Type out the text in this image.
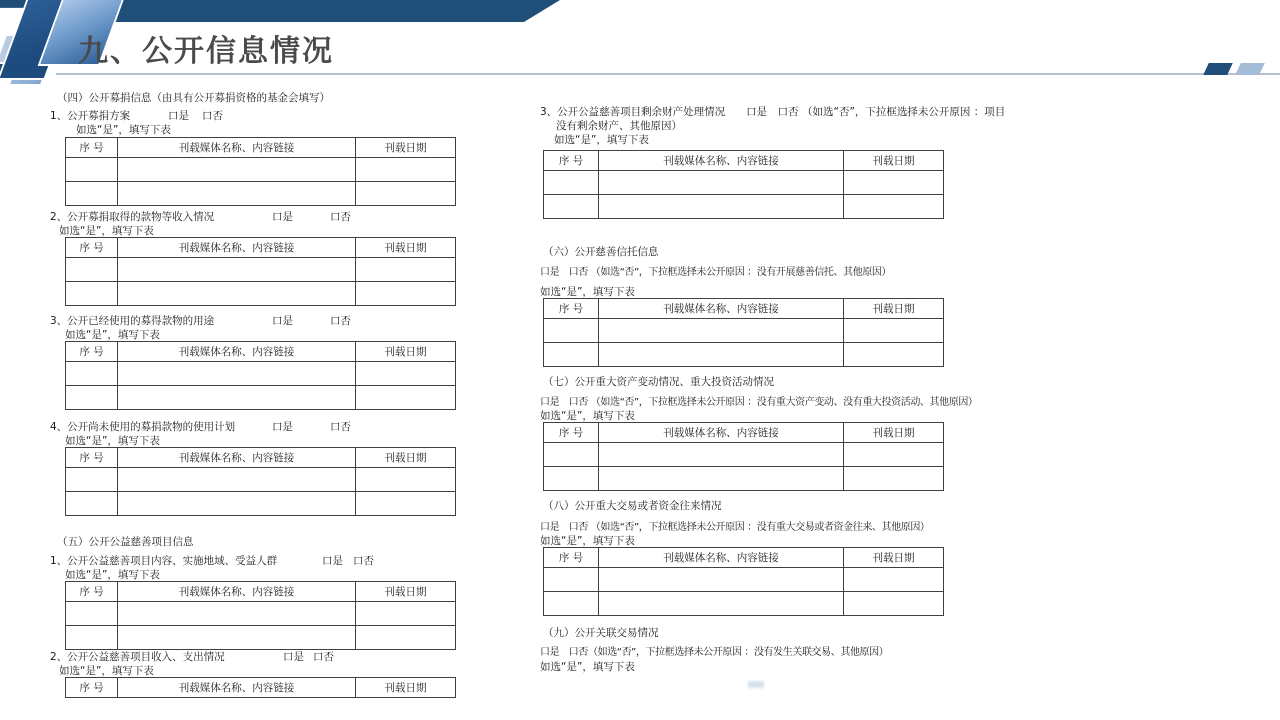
九、公开信息情况
（四）公开募捐信息（由具有公开募捐资格的基金会填写）
1、公开募捐方案	口是 口否
如选“是”，填写下表
序 号	刊载媒体名称、内容链接	刊载日期

2、公开募捐取得的款物等收入情况	口是	口否
如选“是”，填写下表
序 号	刊载媒体名称、内容链接	刊载日期

3、公开已经使用的募得款物的用途	口是	口否
如选“是”，填写下表
序 号	刊载媒体名称、内容链接	刊载日期

4、公开尚未使用的募捐款物的使用计划	口是	口否
如选“是”，填写下表
序 号	刊载媒体名称、内容链接	刊载日期

（五）公开公益慈善项目信息
1、公开公益慈善项目内容、实施地域、受益人群	口是 口否
如选“是”，填写下表
序 号	刊载媒体名称、内容链接	刊载日期

2、公开公益慈善项目收入、支出情况	口是 口否
如选“是”，填写下表
序 号	刊载媒体名称、内容链接	刊载日期
3、公开公益慈善项目剩余财产处理情况　　口是　口否 （如选“否”，下拉框选择未公开原因 ：项目
没有剩余财产、其他原因）
如选“是”，填写下表
序 号	刊载媒体名称、内容链接	刊载日期

（六）公开慈善信托信息
口是　口否 （如选“否”，下拉框选择未公开原因 ：没有开展慈善信托、其他原因）
如选“是”，填写下表
序 号	刊载媒体名称、内容链接	刊载日期

（七）公开重大资产变动情况、重大投资活动情况
口是　口否 （如选“否”，下拉框选择未公开原因 ：没有重大资产变动、没有重大投资活动、其他原因）
如选“是”，填写下表
序 号	刊载媒体名称、内容链接	刊载日期

（八）公开重大交易或者资金往来情况
口是　口否 （如选“否”，下拉框选择未公开原因 ：没有重大交易或者资金往来、其他原因）
如选“是”，填写下表
序 号	刊载媒体名称、内容链接	刊载日期

（九）公开关联交易情况
口是　口否（如选“否”，下拉框选择未公开原因 ：没有发生关联交易、其他原因）
如选“是”，填写下表
